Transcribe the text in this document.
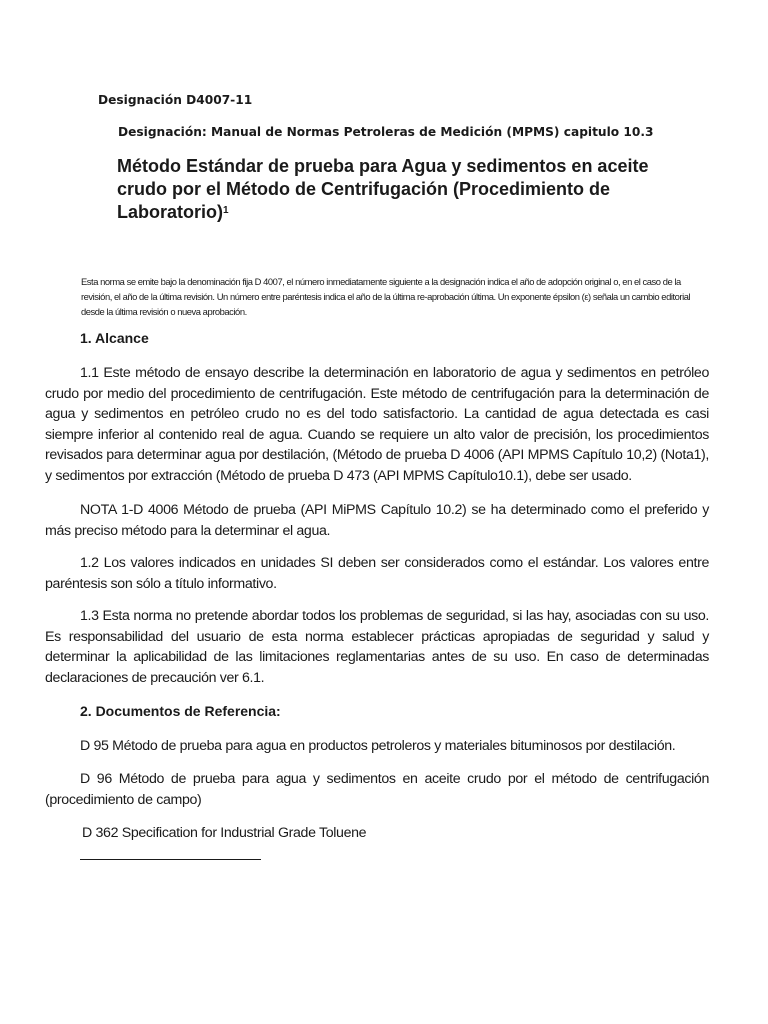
Designación D4007-11
Designación: Manual de Normas Petroleras de Medición (MPMS) capitulo 10.3
Método Estándar de prueba para Agua y sedimentos en aceite crudo por el Método de Centrifugación (Procedimiento de Laboratorio)$^1$

Esta norma se emite bajo la denominación fija D 4007, el número inmediatamente siguiente a la designación indica el año de adopción original o, en el caso de la revisión, el año de la última revisión. Un número entre paréntesis indica el año de la última re-aprobación última. Un exponente épsilon (ε) señala un cambio editorial desde la última revisión o nueva aprobación.

1. Alcance

1.1 Este método de ensayo describe la determinación en laboratorio de agua y sedimentos en petróleo crudo por medio del procedimiento de centrifugación. Este método de centrifugación para la determinación de agua y sedimentos en petróleo crudo no es del todo satisfactorio. La cantidad de agua detectada es casi siempre inferior al contenido real de agua. Cuando se requiere un alto valor de precisión, los procedimientos revisados para determinar agua por destilación, (Método de prueba D 4006 (API MPMS Capítulo 10,2) (Nota1), y sedimentos por extracción (Método de prueba D 473 (API MPMS Capítulo10.1), debe ser usado.

NOTA 1-D 4006 Método de prueba (API MiPMS Capítulo 10.2) se ha determinado como el preferido y más preciso método para la determinar el agua.

1.2 Los valores indicados en unidades SI deben ser considerados como el estándar. Los valores entre paréntesis son sólo a título informativo.

1.3 Esta norma no pretende abordar todos los problemas de seguridad, si las hay, asociadas con su uso. Es responsabilidad del usuario de esta norma establecer prácticas apropiadas de seguridad y salud y determinar la aplicabilidad de las limitaciones reglamentarias antes de su uso. En caso de determinadas declaraciones de precaución ver 6.1.

2. Documentos de Referencia:

D 95 Método de prueba para agua en productos petroleros y materiales bituminosos por destilación.

D 96 Método de prueba para agua y sedimentos en aceite crudo por el método de centrifugación (procedimiento de campo)

D 362 Specification for Industrial Grade Toluene
